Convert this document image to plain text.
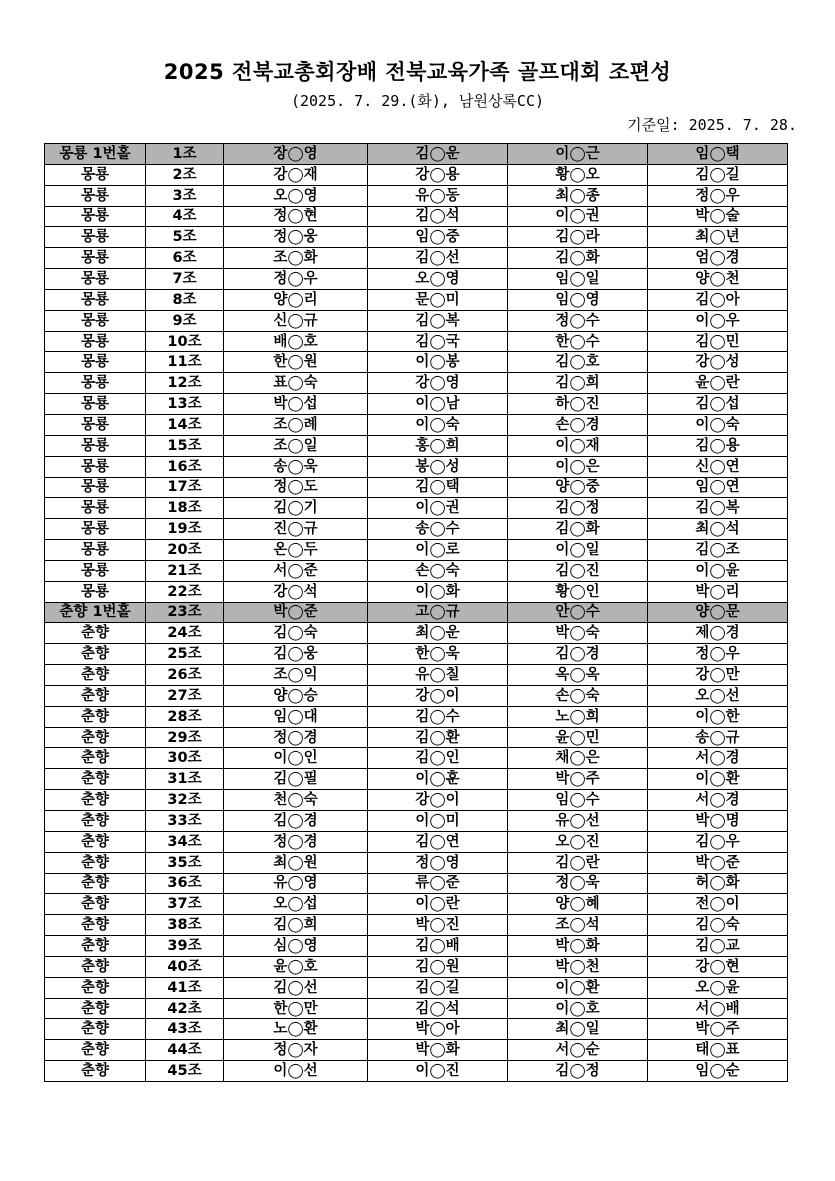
2025 전북교총회장배 전북교육가족 골프대회 조편성
(2025. 7. 29.(화), 남원상록CC)
기준일: 2025. 7. 28.
몽룡 1번홀	1조	장◯영	김◯운	이◯근	임◯택
몽룡	2조	강◯재	강◯용	황◯오	김◯길
몽룡	3조	오◯영	유◯동	최◯종	정◯우
몽룡	4조	정◯현	김◯석	이◯권	박◯술
몽룡	5조	정◯웅	임◯중	김◯라	최◯년
몽룡	6조	조◯화	김◯선	김◯화	엄◯경
몽룡	7조	정◯우	오◯영	임◯일	양◯천
몽룡	8조	양◯리	문◯미	임◯영	김◯아
몽룡	9조	신◯규	김◯복	정◯수	이◯우
몽룡	10조	배◯호	김◯국	한◯수	김◯민
몽룡	11조	한◯원	이◯봉	김◯호	강◯성
몽룡	12조	표◯숙	강◯영	김◯희	윤◯란
몽룡	13조	박◯섭	이◯남	하◯진	김◯섭
몽룡	14조	조◯례	이◯숙	손◯경	이◯숙
몽룡	15조	조◯일	홍◯희	이◯재	김◯용
몽룡	16조	송◯욱	봉◯성	이◯은	신◯연
몽룡	17조	정◯도	김◯택	양◯중	임◯연
몽룡	18조	김◯기	이◯권	김◯정	김◯복
몽룡	19조	진◯규	송◯수	김◯화	최◯석
몽룡	20조	온◯두	이◯로	이◯일	김◯조
몽룡	21조	서◯준	손◯숙	김◯진	이◯윤
몽룡	22조	강◯석	이◯화	황◯인	박◯리
춘향 1번홀	23조	박◯준	고◯규	안◯수	양◯문
춘향	24조	김◯숙	최◯운	박◯숙	제◯경
춘향	25조	김◯웅	한◯욱	김◯경	정◯우
춘향	26조	조◯익	유◯칠	옥◯옥	강◯만
춘향	27조	양◯승	강◯이	손◯숙	오◯선
춘향	28조	임◯대	김◯수	노◯희	이◯한
춘향	29조	정◯경	김◯환	윤◯민	송◯규
춘향	30조	이◯인	김◯인	채◯은	서◯경
춘향	31조	김◯필	이◯훈	박◯주	이◯환
춘향	32조	천◯숙	강◯이	임◯수	서◯경
춘향	33조	김◯경	이◯미	유◯선	박◯명
춘향	34조	정◯경	김◯연	오◯진	김◯우
춘향	35조	최◯원	정◯영	김◯란	박◯준
춘향	36조	유◯영	류◯준	정◯욱	허◯화
춘향	37조	오◯섭	이◯란	양◯혜	전◯이
춘향	38조	김◯희	박◯진	조◯석	김◯숙
춘향	39조	심◯영	김◯배	박◯화	김◯교
춘향	40조	윤◯호	김◯원	박◯천	강◯현
춘향	41조	김◯선	김◯길	이◯환	오◯윤
춘향	42초	한◯만	김◯석	이◯호	서◯배
춘향	43조	노◯환	박◯아	최◯일	박◯주
춘향	44조	정◯자	박◯화	서◯순	태◯표
춘향	45조	이◯선	이◯진	김◯정	임◯순
